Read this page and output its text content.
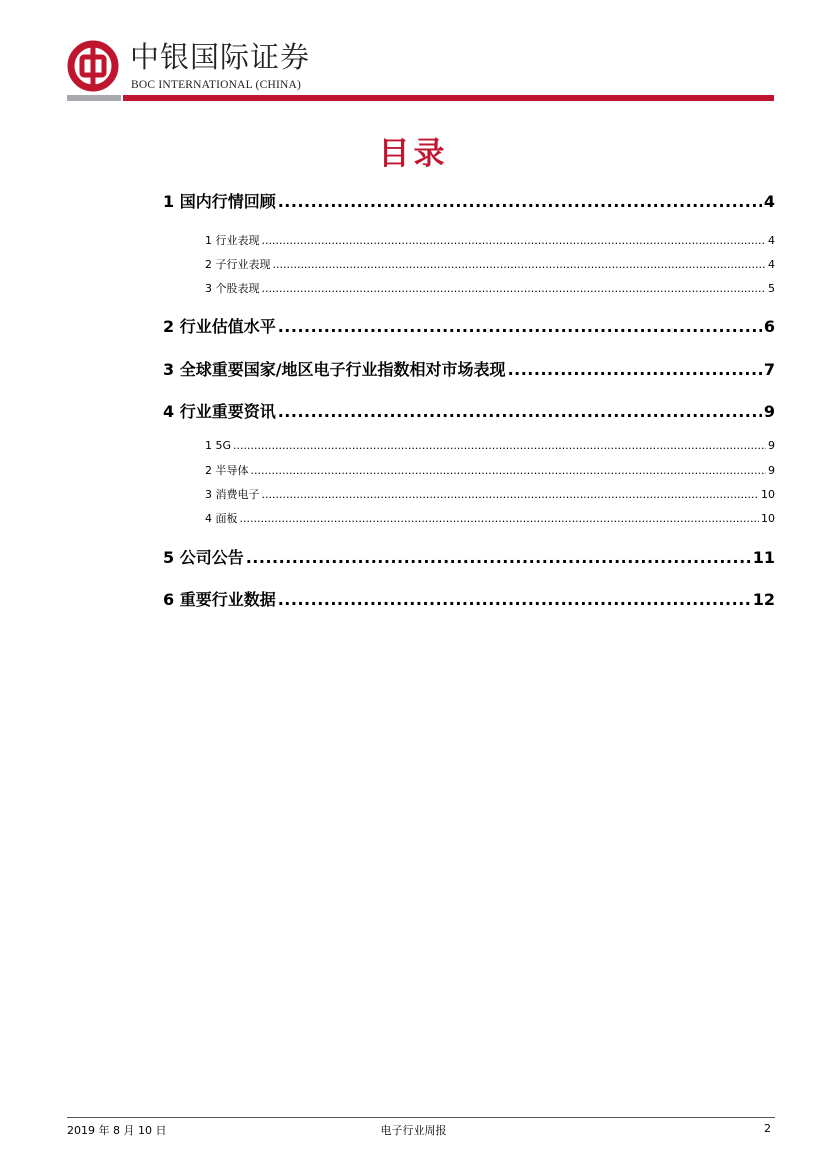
中银国际证券
BOC INTERNATIONAL (CHINA)
目录
1 国内行情回顾 .....	4
1 行业表现 .....	4
2 子行业表现 .....	4
3 个股表现 .....	5
2 行业估值水平 .....	6
3 全球重要国家/地区电子行业指数相对市场表现 .....	7
4 行业重要资讯 .....	9
1 5G .....	9
2 半导体 .....	9
3 消费电子 .....	10
4 面板 .....	10
5 公司公告 .....	11
6 重要行业数据 .....	12
2019 年 8 月 10 日	电子行业周报	2
